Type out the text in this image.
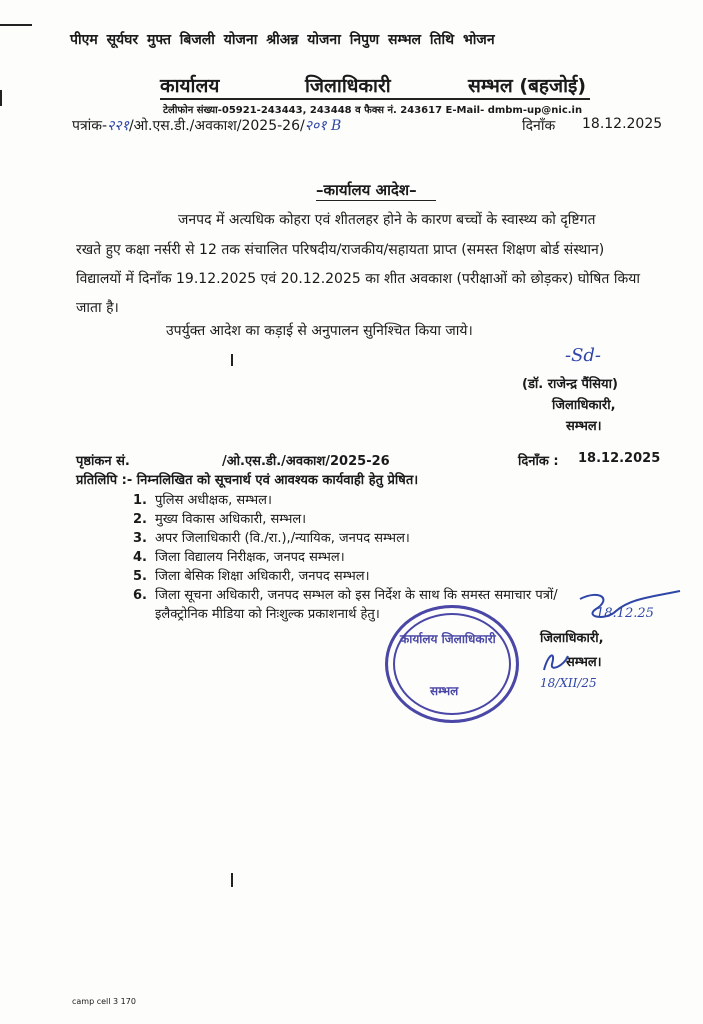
पीएम सूर्यघर मुफ्त बिजली योजना श्रीअन्न योजना निपुण सम्भल तिथि भोजन
कार्यालय	जिलाधिकारी	सम्भल (बहजोई)
टेलीफोन संख्या-05921-243443, 243448 व फैक्स नं. 243617 E-Mail- dmbm-up@nic.in
पत्रांक-२२१/ओ.एस.डी./अवकाश/2025-26/२०१ B	दिनाँक 18.12.2025
–कार्यालय आदेश–
जनपद में अत्यधिक कोहरा एवं शीतलहर होने के कारण बच्चों के स्वास्थ्य को दृष्टिगत
रखते हुए कक्षा नर्सरी से 12 तक संचालित परिषदीय/राजकीय/सहायता प्राप्त (समस्त शिक्षण बोर्ड संस्थान)
विद्यालयों में दिनाँक 19.12.2025 एवं 20.12.2025 का शीत अवकाश (परीक्षाओं को छोड़कर) घोषित किया
जाता है।
उपर्युक्त आदेश का कड़ाई से अनुपालन सुनिश्चित किया जाये।
-Sd-
(डॉ. राजेन्द्र पैंसिया)
जिलाधिकारी,
सम्भल।
पृष्ठांकन सं.	/ओ.एस.डी./अवकाश/2025-26	दिनाँक : 18.12.2025
प्रतिलिपि :- निम्नलिखित को सूचनार्थ एवं आवश्यक कार्यवाही हेतु प्रेषित।
1. पुलिस अधीक्षक, सम्भल।
2. मुख्य विकास अधिकारी, सम्भल।
3. अपर जिलाधिकारी (वि./रा.),/न्यायिक, जनपद सम्भल।
4. जिला विद्यालय निरीक्षक, जनपद सम्भल।
5. जिला बेसिक शिक्षा अधिकारी, जनपद सम्भल।
6. जिला सूचना अधिकारी, जनपद सम्भल को इस निर्देश के साथ कि समस्त समाचार पत्रों/
इलैक्ट्रोनिक मीडिया को निःशुल्क प्रकाशनार्थ हेतु।	18.12.25
जिलाधिकारी,
सम्भल।
18/XII/25
कार्यालय जिलाधिकारी
सम्भल
camp cell 3 170
